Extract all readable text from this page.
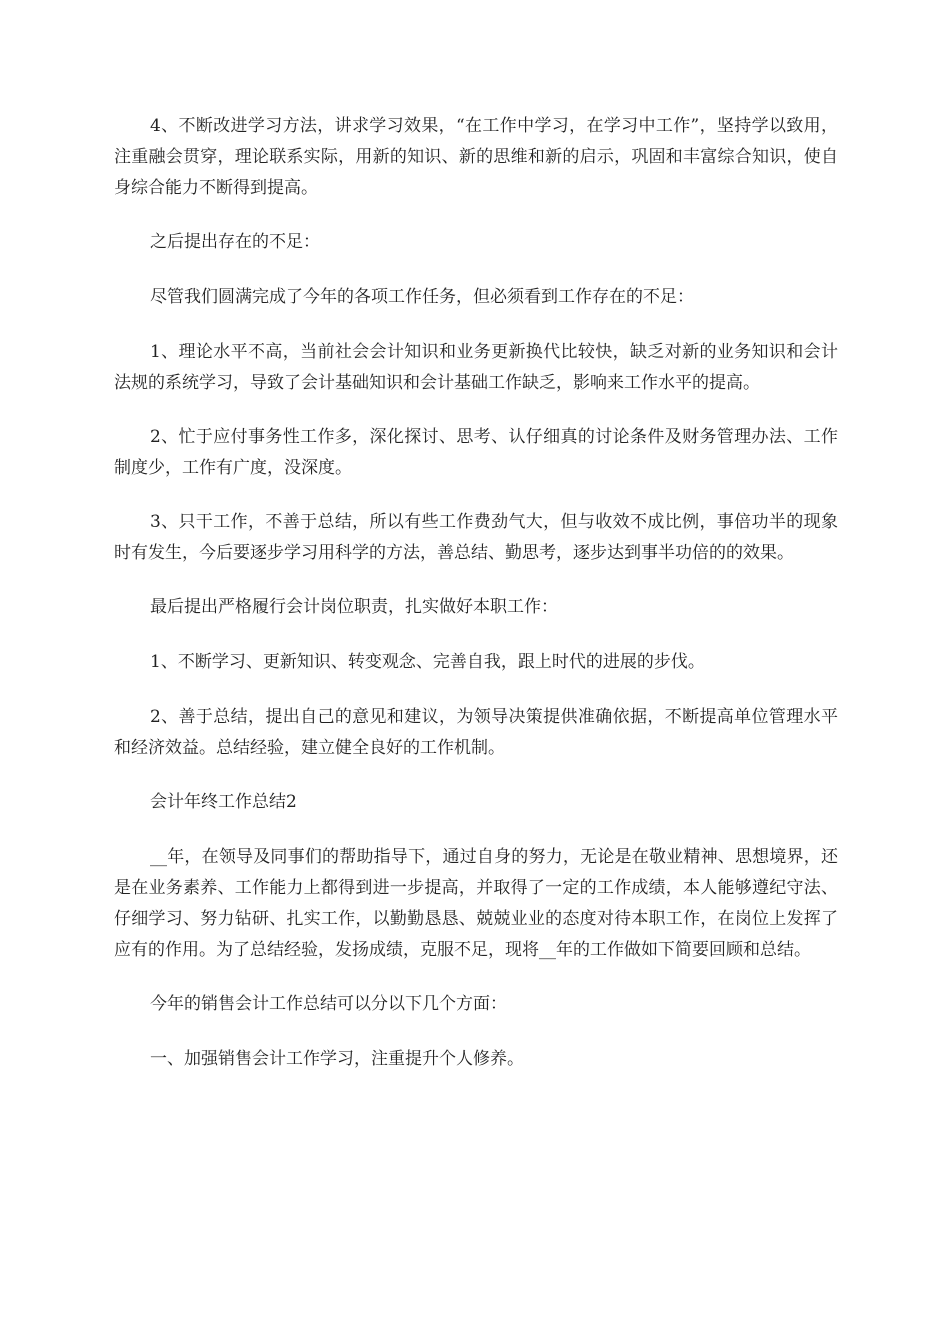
4、不断改进学习方法，讲求学习效果，“在工作中学习，在学习中工作”，坚持学以致用，注重融会贯穿，理论联系实际，用新的知识、新的思维和新的启示，巩固和丰富综合知识，使自身综合能力不断得到提高。

之后提出存在的不足：

尽管我们圆满完成了今年的各项工作任务，但必须看到工作存在的不足：

1、理论水平不高，当前社会会计知识和业务更新换代比较快，缺乏对新的业务知识和会计法规的系统学习，导致了会计基础知识和会计基础工作缺乏，影响来工作水平的提高。

2、忙于应付事务性工作多，深化探讨、思考、认仔细真的讨论条件及财务管理办法、工作制度少，工作有广度，没深度。

3、只干工作，不善于总结，所以有些工作费劲气大，但与收效不成比例，事倍功半的现象时有发生，今后要逐步学习用科学的方法，善总结、勤思考，逐步达到事半功倍的的效果。

最后提出严格履行会计岗位职责，扎实做好本职工作：

1、不断学习、更新知识、转变观念、完善自我，跟上时代的进展的步伐。

2、善于总结，提出自己的意见和建议，为领导决策提供准确依据，不断提高单位管理水平和经济效益。总结经验，建立健全良好的工作机制。

会计年终工作总结2

__年，在领导及同事们的帮助指导下，通过自身的努力，无论是在敬业精神、思想境界，还是在业务素养、工作能力上都得到进一步提高，并取得了一定的工作成绩，本人能够遵纪守法、仔细学习、努力钻研、扎实工作，以勤勤恳恳、兢兢业业的态度对待本职工作，在岗位上发挥了应有的作用。为了总结经验，发扬成绩，克服不足，现将__年的工作做如下简要回顾和总结。

今年的销售会计工作总结可以分以下几个方面：

一、加强销售会计工作学习，注重提升个人修养。
